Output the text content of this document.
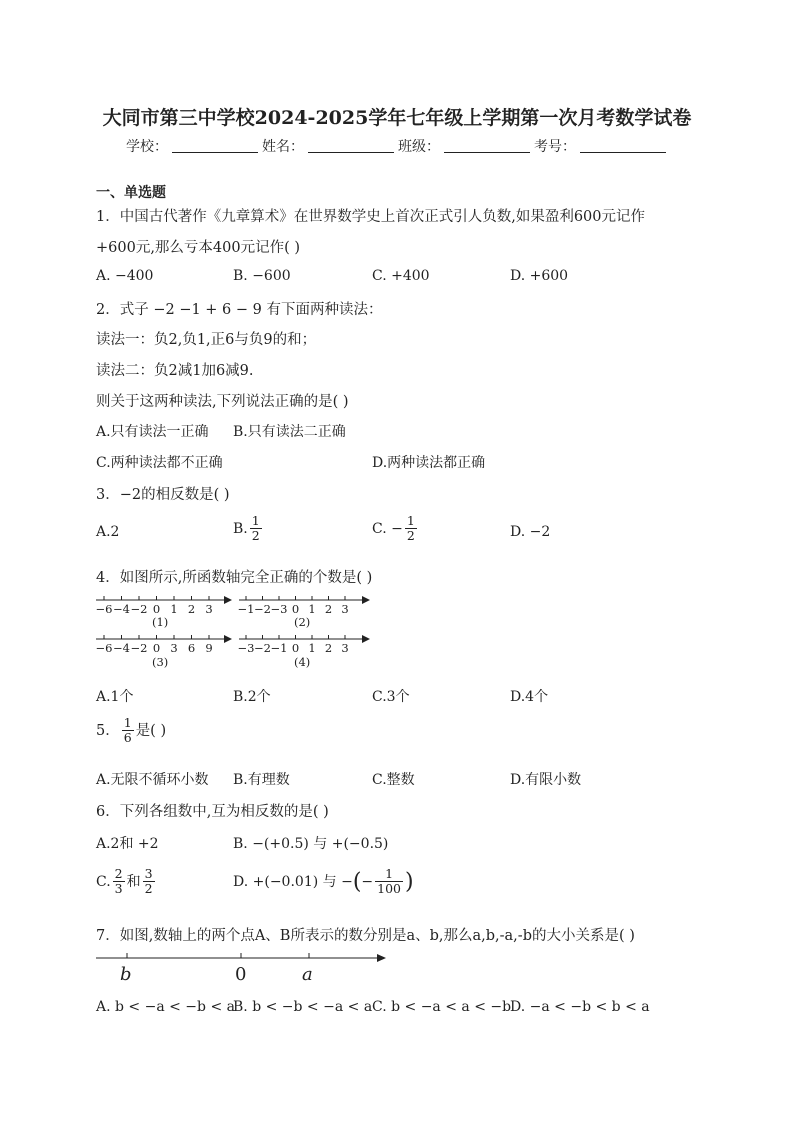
大同市第三中学校2024-2025学年七年级上学期第一次月考数学试卷
学校：	姓名：	班级：	考号：
一、单选题
1．中国古代著作《九章算术》在世界数学史上首次正式引人负数,如果盈利600元记作
+600元,那么亏本400元记作( )
A. −400	B. −600	C. +400	D. +600
2．式子 −2 −1 + 6 − 9 有下面两种读法：
读法一：负2,负1,正6与负9的和；
读法二：负2减1加6减9.
则关于这两种读法,下列说法正确的是( )
A.只有读法一正确 B.只有读法二正确
C.两种读法都不正确	D.两种读法都正确
3．−2的相反数是( )
A.2	B. $\frac{1}{2}$	C. − $\frac{1}{2}$	D. −2
4．如图所示,所函数轴完全正确的个数是( )
−6 −4 −2 0 1 2 3
(1)
−1 −2 −3 0 1 2 3
(2)
−6 −4 −2 0 3 6 9
(3)
−3 −2 −1 0 1 2 3
(4)
A.1个	B.2个	C.3个	D.4个
5． $\frac{1}{6}$ 是( )
A.无限不循环小数 B.有理数	C.整数	D.有限小数
6．下列各组数中,互为相反数的是( )
A.2和 +2	B. −(+0.5) 与 +(−0.5)
C. $\frac{2}{3}$ 和 $\frac{3}{2}$	D. +(−0.01) 与 −(− $\frac{1}{100}$ )
7．如图,数轴上的两个点A、B所表示的数分别是a、b,那么a,b,-a,-b的大小关系是( )
b	0	a
A. b < −a < −b < a
B. b < −b < −a < a C. b < −a < a < −b
D. −a < −b < b < a
